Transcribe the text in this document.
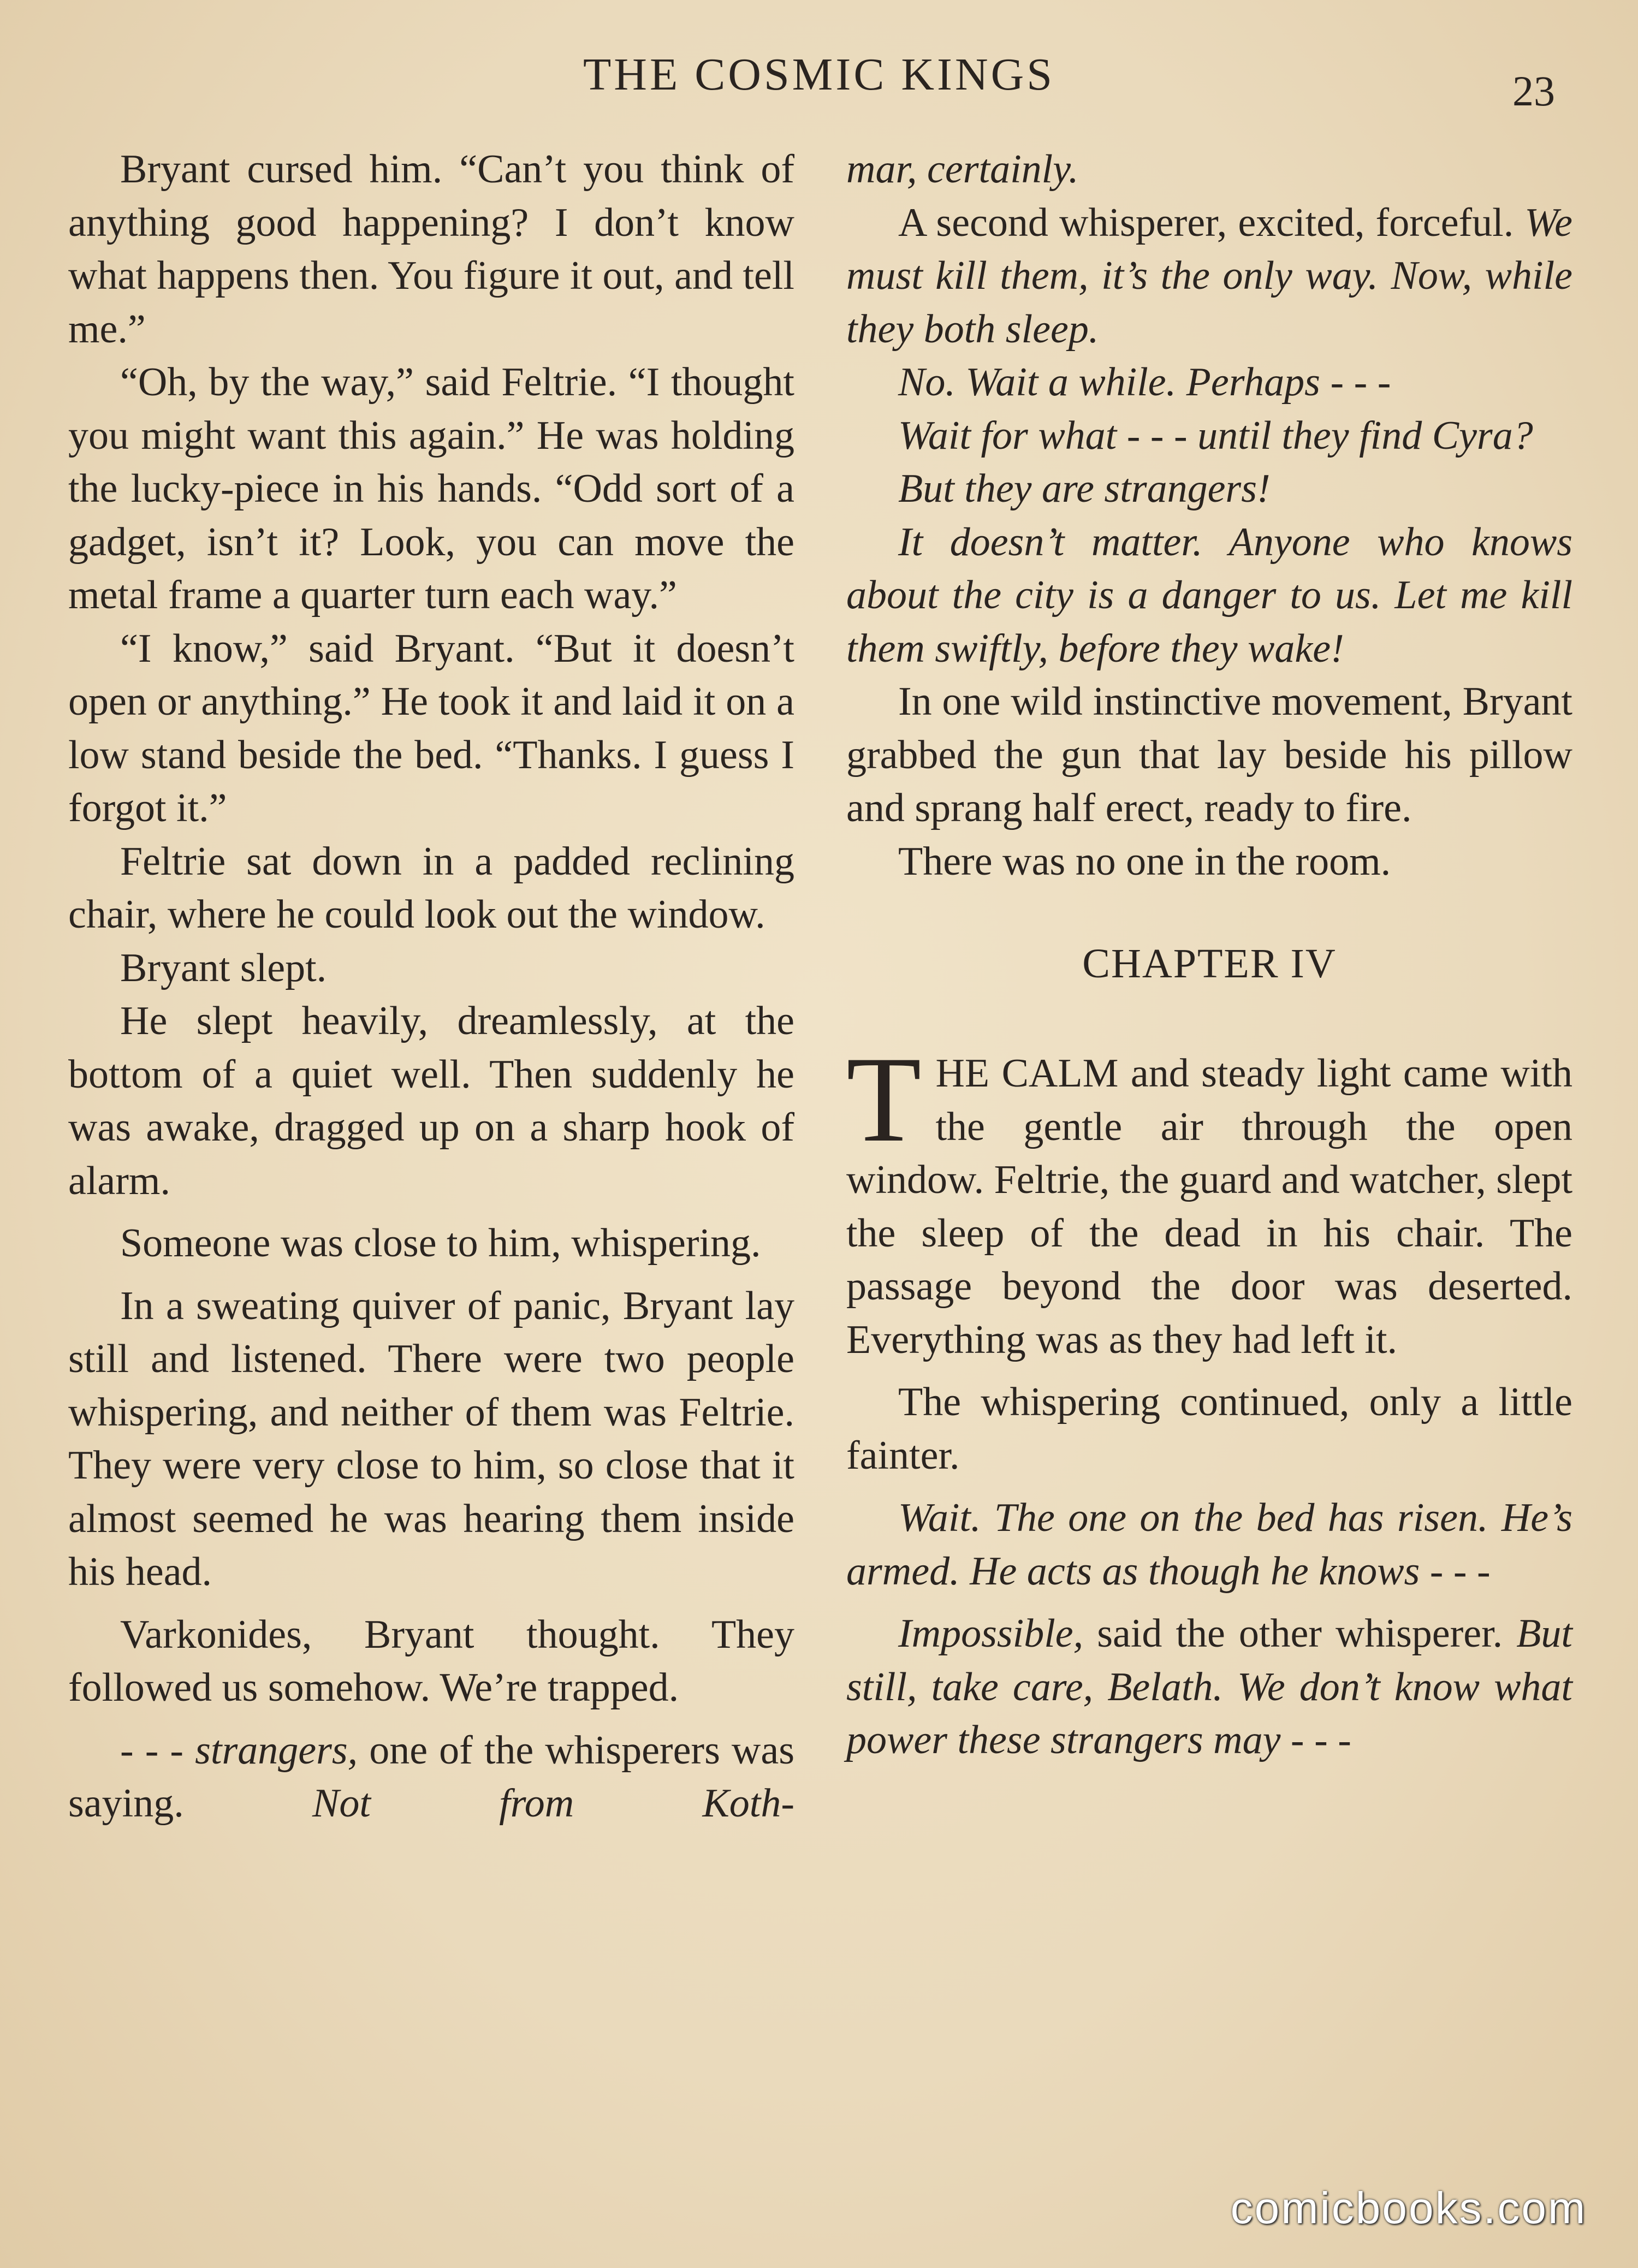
THE COSMIC KINGS	23

Bryant cursed him. “Can’t you think of anything good happening? I don’t know what happens then. You figure it out, and tell me.”

“Oh, by the way,” said Feltrie. “I thought you might want this again.” He was holding the lucky-piece in his hands. “Odd sort of a gadget, isn’t it? Look, you can move the metal frame a quarter turn each way.”

“I know,” said Bryant. “But it doesn’t open or anything.” He took it and laid it on a low stand beside the bed. “Thanks. I guess I forgot it.”

Feltrie sat down in a padded reclining chair, where he could look out the window.

Bryant slept.

He slept heavily, dreamlessly, at the bottom of a quiet well. Then suddenly he was awake, dragged up on a sharp hook of alarm.

Someone was close to him, whispering.

In a sweating quiver of panic, Bryant lay still and listened. There were two people whispering, and neither of them was Feltrie. They were very close to him, so close that it almost seemed he was hearing them inside his head.

Varkonides, Bryant thought. They followed us somehow. We’re trapped.

- - - strangers, one of the whisperers was saying. Not from Koth-

mar, certainly.

A second whisperer, excited, forceful. We must kill them, it’s the only way. Now, while they both sleep.

No. Wait a while. Perhaps - - -

Wait for what - - - until they find Cyra?

But they are strangers!

It doesn’t matter. Anyone who knows about the city is a danger to us. Let me kill them swiftly, before they wake!

In one wild instinctive movement, Bryant grabbed the gun that lay beside his pillow and sprang half erect, ready to fire.

There was no one in the room.

CHAPTER IV

THE CALM and steady light came with the gentle air through the open window. Feltrie, the guard and watcher, slept the sleep of the dead in his chair. The passage beyond the door was deserted. Everything was as they had left it.

The whispering continued, only a little fainter.

Wait. The one on the bed has risen. He’s armed. He acts as though he knows - - -

Impossible, said the other whisperer. But still, take care, Belath. We don’t know what power these strangers may - - -

comicbooks.com
